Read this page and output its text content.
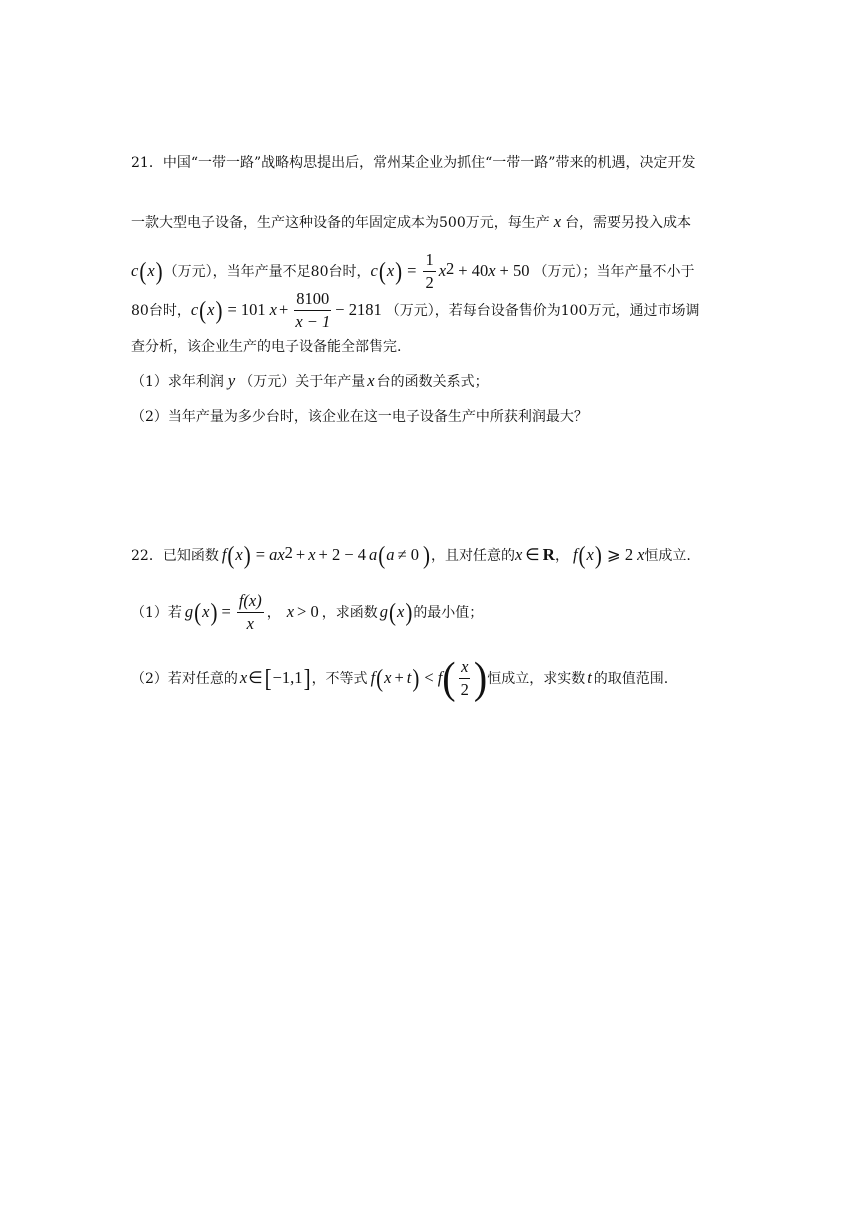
21．中国“一带一路”战略构思提出后，常州某企业为抓住“一带一路”带来的机遇，决定开发
一款大型电子设备，生产这种设备的年固定成本为500万元，每生产 x 台，需要另投入成本
c ( x ) （万元），当年产量不足80台时， c ( x ) = $\frac{1}{2} x^2 + 40$ x + 50 （万元）；当年产量不小于
80台时， c ( x ) = 101 $x + \frac{8100}{x - 1} - 2181$ （万元），若每台设备售价为100万元，通过市场调
查分析，该企业生产的电子设备能全部售完.
（1）求年利润 y （万元）关于年产量 x 台的函数关系式；
（2）当年产量为多少台时，该企业在这一电子设备生产中所获利润最大？
22．已知函数 f ( x ) = $ax^2 + x + 2 - 4$ a ( a ≠ 0 ) ，且对任意的 x ∈ R ， f ( x ) ⩾ 2 x 恒成立.
（1）若 g ( x ) = $\frac{f(x)}{x}$ ， x > 0 ，求函数 g ( x ) 的最小值；
（2）若对任意的 x ∈ [ −1,1 ] ，不等式 f ( x + t ) < f ( $\frac{x}{2}$ ) 恒成立，求实数 t 的取值范围.
